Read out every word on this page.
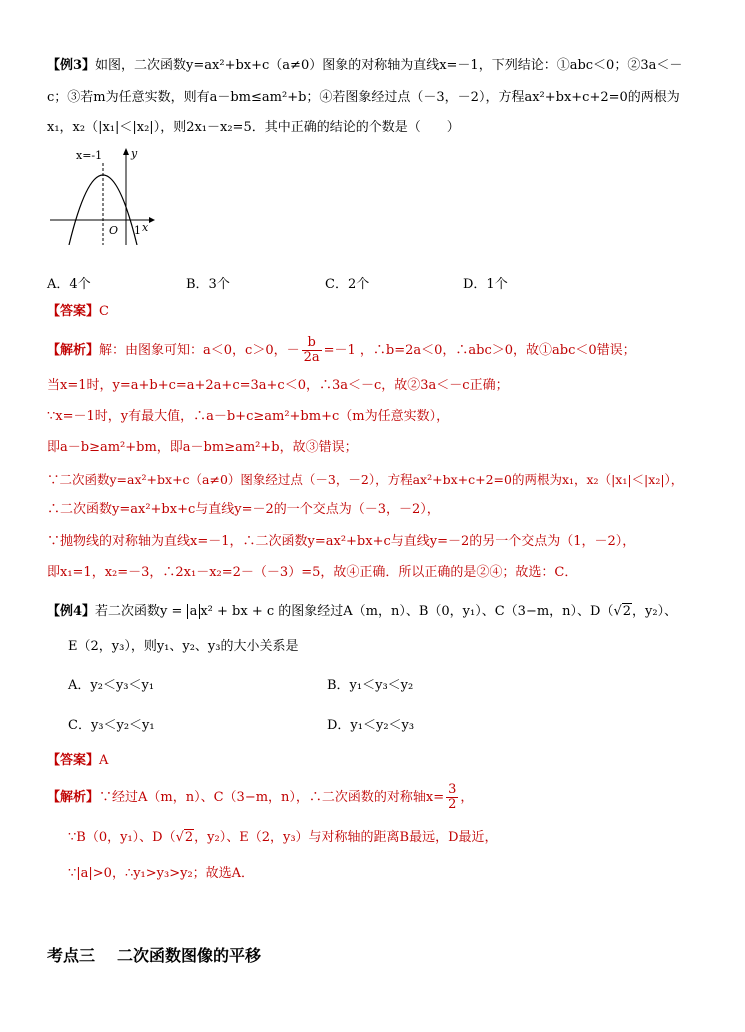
【例3】如图，二次函数y=ax²+bx+c（a≠0）图象的对称轴为直线x=－1，下列结论：①abc＜0；②3a＜－
c；③若m为任意实数，则有a－bm≤am²+b；④若图象经过点（－3，－2），方程ax²+bx+c+2=0的两根为
x₁，x₂（|x₁|＜|x₂|），则2x₁－x₂=5．其中正确的结论的个数是（　　）
x=-1	y
O 1 x
A．4个	B．3个	C．2个	D．1个
【答案】C
【解析】解：由图象可知：a＜0，c＞0，－ $\frac{b}{2a} =-1$ ，∴b=2a＜0，∴abc＞0，故①abc＜0错误；
当x=1时，y=a+b+c=a+2a+c=3a+c＜0，∴3a＜－c，故②3a＜－c正确；
∵x=－1时，y有最大值，∴a－b+c≥am²+bm+c（m为任意实数），
即a－b≥am²+bm，即a－bm≥am²+b，故③错误；
∵二次函数y=ax²+bx+c（a≠0）图象经过点（－3，－2），方程ax²+bx+c+2=0的两根为x₁，x₂（|x₁|＜|x₂|），
∴二次函数y=ax²+bx+c与直线y=－2的一个交点为（－3，－2），
∵抛物线的对称轴为直线x=－1，∴二次函数y=ax²+bx+c与直线y=－2的另一个交点为（1，－2），
即x₁=1，x₂=－3，∴2x₁－x₂=2－（－3）=5，故④正确．所以正确的是②④；故选：C．
【例4】若二次函数y = a x² + bx + c 的图象经过A（m，n）、B（0，y₁）、C（3−m，n）、D（√2，y₂）、
E（2，y₃），则y₁、y₂、y₃的大小关系是
A．y₂＜y₃＜y₁	B．y₁＜y₃＜y₂
C．y₃＜y₂＜y₁	D．y₁＜y₂＜y₃
【答案】A
【解析】∵经过A（m，n）、C（3−m，n），∴二次函数的对称轴$x= \frac{3}{2}$ ，
∵B（0，y₁）、D（√2，y₂）、E（2，y₃）与对称轴的距离B最远，D最近，
∵|a|>0，∴y₁>y₃>y₂；故选A．
考点三 二次函数图像的平移
